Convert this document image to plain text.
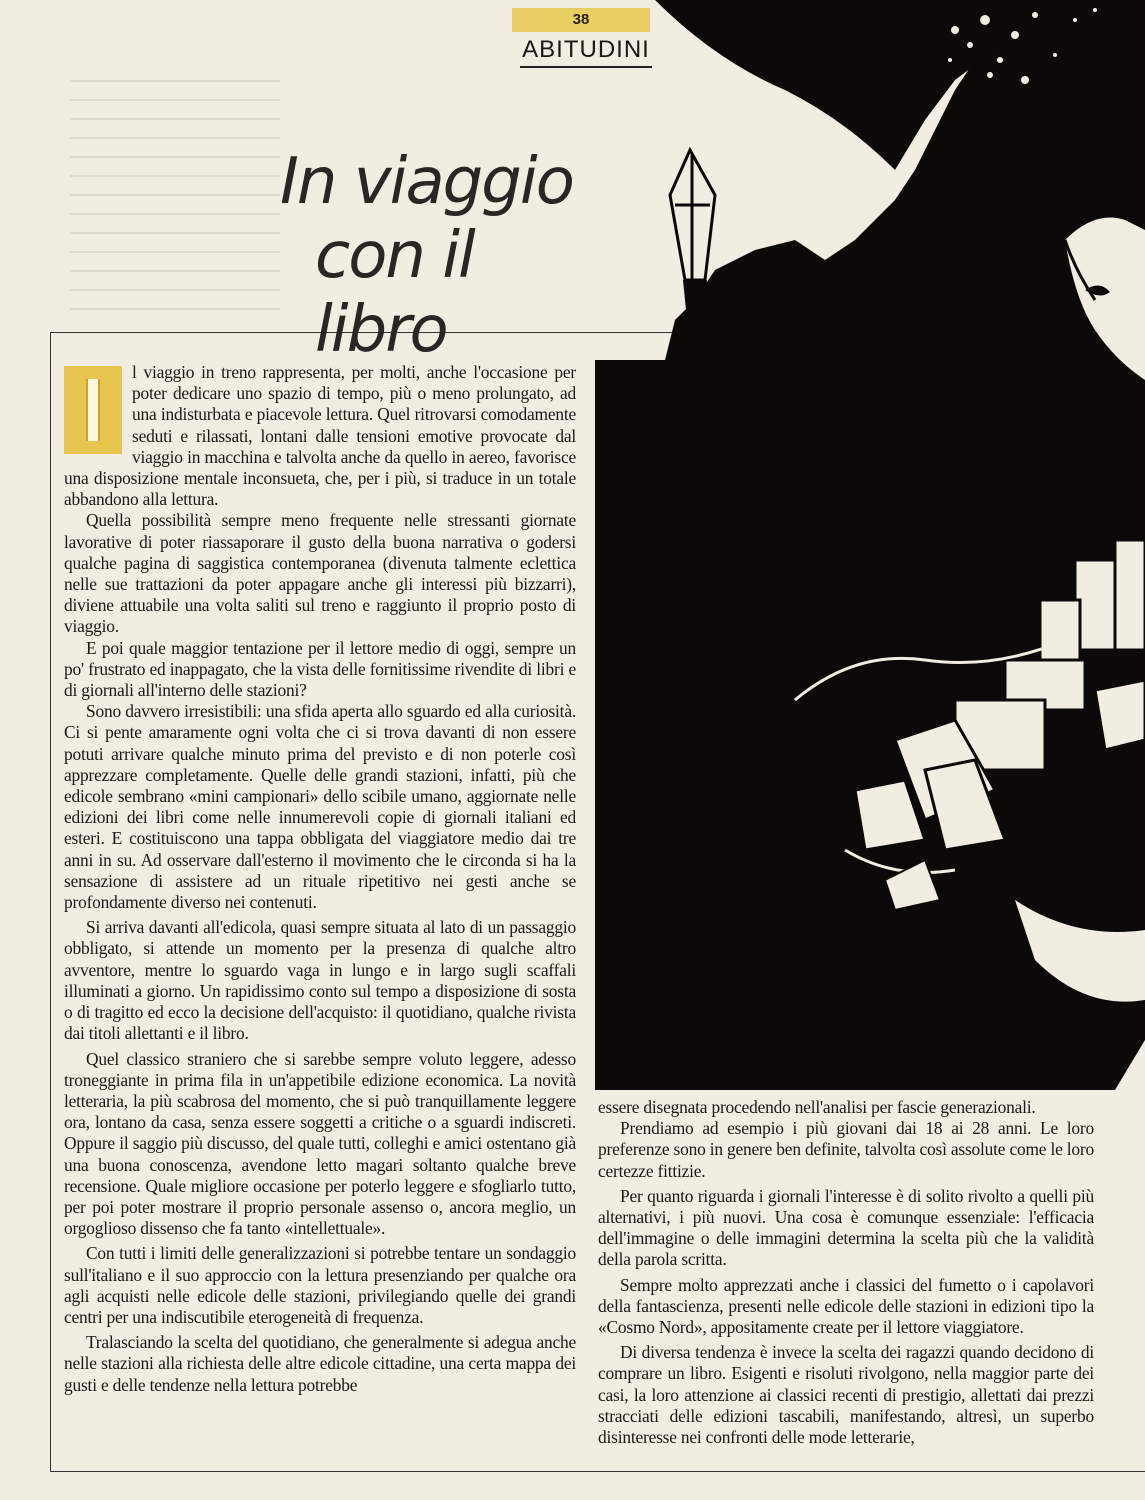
38
ABITUDINI
In viaggio
con il libro

l viaggio in treno rappresenta, per molti, anche l'occasione per poter dedicare uno spazio di tempo, più o meno prolungato, ad una indisturbata e piacevole lettura. Quel ritrovarsi comodamente seduti e rilassati, lontani dalle tensioni emotive provocate dal viaggio in macchina e talvolta anche da quello in aereo, favorisce una disposizione mentale inconsueta, che, per i più, si traduce in un totale abbandono alla lettura.

Quella possibilità sempre meno frequente nelle stressanti giornate lavorative di poter riassaporare il gusto della buona narrativa o godersi qualche pagina di saggistica contemporanea (divenuta talmente eclettica nelle sue trattazioni da poter appagare anche gli interessi più bizzarri), diviene attuabile una volta saliti sul treno e raggiunto il proprio posto di viaggio.

E poi quale maggior tentazione per il lettore medio di oggi, sempre un po' frustrato ed inappagato, che la vista delle fornitissime rivendite di libri e di giornali all'interno delle stazioni?

Sono davvero irresistibili: una sfida aperta allo sguardo ed alla curiosità. Ci si pente amaramente ogni volta che ci si trova davanti di non essere potuti arrivare qualche minuto prima del previsto e di non poterle così apprezzare completamente. Quelle delle grandi stazioni, infatti, più che edicole sembrano «mini campionari» dello scibile umano, aggiornate nelle edizioni dei libri come nelle innumerevoli copie di giornali italiani ed esteri. E costituiscono una tappa obbligata del viaggiatore medio dai tre anni in su. Ad osservare dall'esterno il movimento che le circonda si ha la sensazione di assistere ad un rituale ripetitivo nei gesti anche se profondamente diverso nei contenuti.

Si arriva davanti all'edicola, quasi sempre situata al lato di un passaggio obbligato, si attende un momento per la presenza di qualche altro avventore, mentre lo sguardo vaga in lungo e in largo sugli scaffali illuminati a giorno. Un rapidissimo conto sul tempo a disposizione di sosta o di tragitto ed ecco la decisione dell'acquisto: il quotidiano, qualche rivista dai titoli allettanti e il libro.

Quel classico straniero che si sarebbe sempre voluto leggere, adesso troneggiante in prima fila in un'appetibile edizione economica. La novità letteraria, la più scabrosa del momento, che si può tranquillamente leggere ora, lontano da casa, senza essere soggetti a critiche o a sguardi indiscreti. Oppure il saggio più discusso, del quale tutti, colleghi e amici ostentano già una buona conoscenza, avendone letto magari soltanto qualche breve recensione. Quale migliore occasione per poterlo leggere e sfogliarlo tutto, per poi poter mostrare il proprio personale assenso o, ancora meglio, un orgoglioso dissenso che fa tanto «intellettuale».

Con tutti i limiti delle generalizzazioni si potrebbe tentare un sondaggio sull'italiano e il suo approccio con la lettura presenziando per qualche ora agli acquisti nelle edicole delle stazioni, privilegiando quelle dei grandi centri per una indiscutibile eterogeneità di frequenza.

Tralasciando la scelta del quotidiano, che generalmente si adegua anche nelle stazioni alla richiesta delle altre edicole cittadine, una certa mappa dei gusti e delle tendenze nella lettura potrebbe

essere disegnata procedendo nell'analisi per fascie generazionali.

Prendiamo ad esempio i più giovani dai 18 ai 28 anni. Le loro preferenze sono in genere ben definite, talvolta così assolute come le loro certezze fittizie.

Per quanto riguarda i giornali l'interesse è di solito rivolto a quelli più alternativi, i più nuovi. Una cosa è comunque essenziale: l'efficacia dell'immagine o delle immagini determina la scelta più che la validità della parola scritta.

Sempre molto apprezzati anche i classici del fumetto o i capolavori della fantascienza, presenti nelle edicole delle stazioni in edizioni tipo la «Cosmo Nord», appositamente create per il lettore viaggiatore.

Di diversa tendenza è invece la scelta dei ragazzi quando decidono di comprare un libro. Esigenti e risoluti rivolgono, nella maggior parte dei casi, la loro attenzione ai classici recenti di prestigio, allettati dai prezzi stracciati delle edizioni tascabili, manifestando, altresì, un superbo disinteresse nei confronti delle mode letterarie,
